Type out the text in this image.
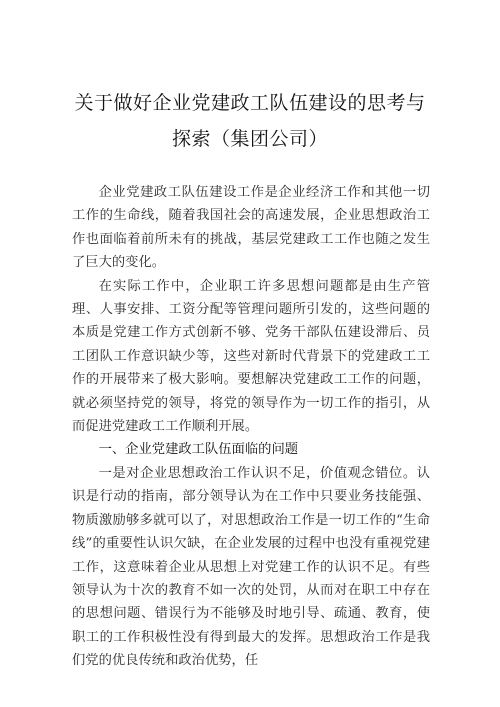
关于做好企业党建政工队伍建设的思考与
探索（集团公司）

企业党建政工队伍建设工作是企业经济工作和其他一切工作的生命线，随着我国社会的高速发展，企业思想政治工作也面临着前所未有的挑战，基层党建政工工作也随之发生了巨大的变化。

在实际工作中，企业职工许多思想问题都是由生产管理、人事安排、工资分配等管理问题所引发的，这些问题的本质是党建工作方式创新不够、党务干部队伍建设滞后、员工团队工作意识缺少等，这些对新时代背景下的党建政工工作的开展带来了极大影响。要想解决党建政工工作的问题，就必须坚持党的领导，将党的领导作为一切工作的指引，从而促进党建政工工作顺利开展。

一、企业党建政工队伍面临的问题

一是对企业思想政治工作认识不足，价值观念错位。认识是行动的指南，部分领导认为在工作中只要业务技能强、物质激励够多就可以了，对思想政治工作是一切工作的“生命线”的重要性认识欠缺，在企业发展的过程中也没有重视党建工作，这意味着企业从思想上对党建工作的认识不足。有些领导认为十次的教育不如一次的处罚，从而对在职工中存在的思想问题、错误行为不能够及时地引导、疏通、教育，使职工的工作积极性没有得到最大的发挥。思想政治工作是我们党的优良传统和政治优势，任
